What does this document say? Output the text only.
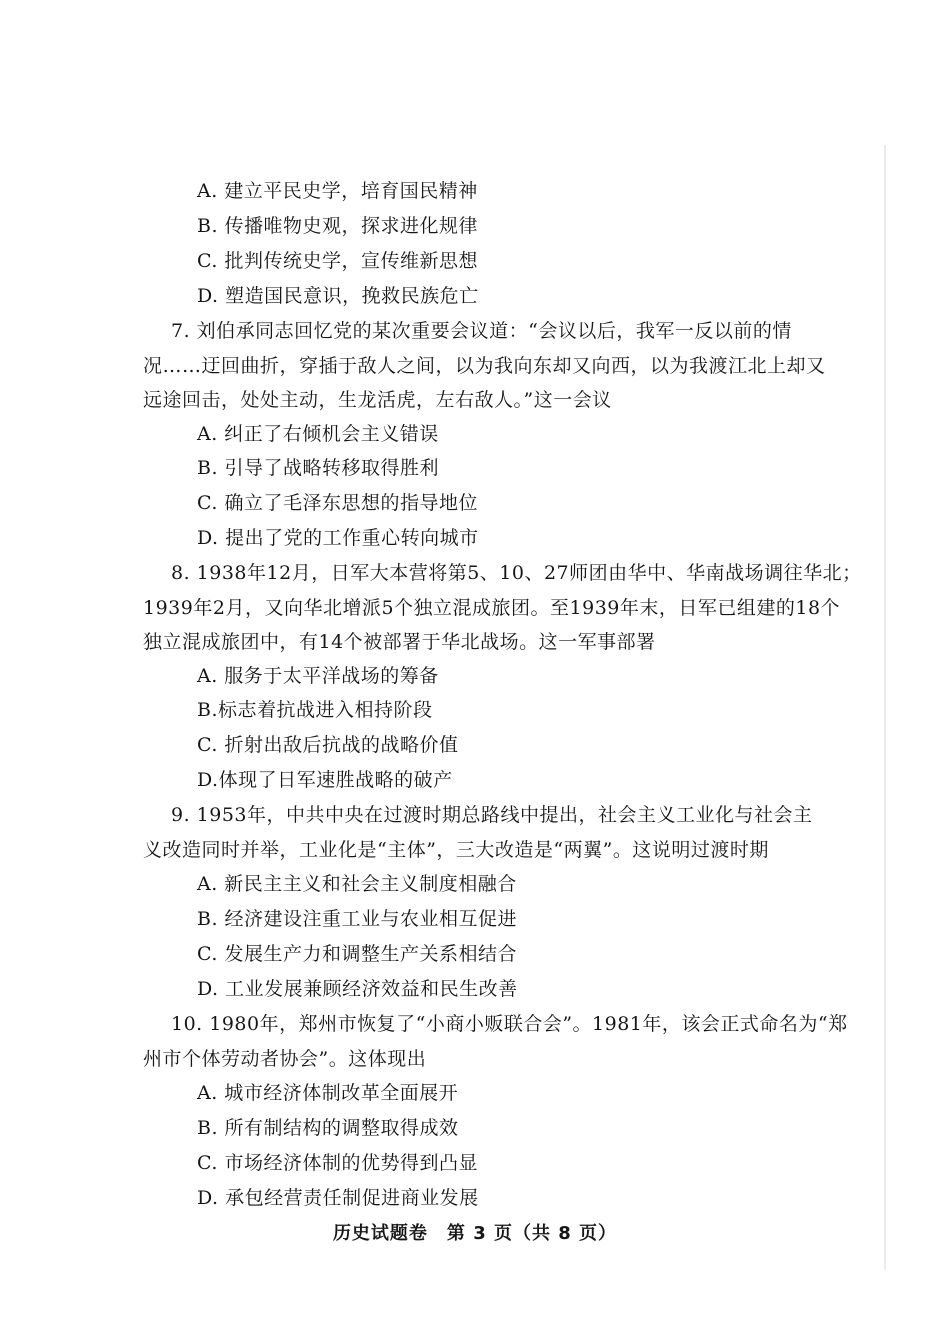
A. 建立平民史学，培育国民精神
B. 传播唯物史观，探求进化规律
C. 批判传统史学，宣传维新思想
D. 塑造国民意识，挽救民族危亡
7. 刘伯承同志回忆党的某次重要会议道：“会议以后，我军一反以前的情
况……迂回曲折，穿插于敌人之间，以为我向东却又向西，以为我渡江北上却又
远途回击，处处主动，生龙活虎，左右敌人。”这一会议
A. 纠正了右倾机会主义错误
B. 引导了战略转移取得胜利
C. 确立了毛泽东思想的指导地位
D. 提出了党的工作重心转向城市
8. 1938年12月，日军大本营将第5、10、27师团由华中、华南战场调往华北；
1939年2月，又向华北增派5个独立混成旅团。至1939年末，日军已组建的18个
独立混成旅团中，有14个被部署于华北战场。这一军事部署
A. 服务于太平洋战场的筹备
B.标志着抗战进入相持阶段
C. 折射出敌后抗战的战略价值
D.体现了日军速胜战略的破产
9. 1953年，中共中央在过渡时期总路线中提出，社会主义工业化与社会主
义改造同时并举，工业化是“主体”，三大改造是“两翼”。这说明过渡时期
A. 新民主主义和社会主义制度相融合
B. 经济建设注重工业与农业相互促进
C. 发展生产力和调整生产关系相结合
D. 工业发展兼顾经济效益和民生改善
10. 1980年，郑州市恢复了“小商小贩联合会”。1981年，该会正式命名为“郑
州市个体劳动者协会”。这体现出
A. 城市经济体制改革全面展开
B. 所有制结构的调整取得成效
C. 市场经济体制的优势得到凸显
D. 承包经营责任制促进商业发展
历史试题卷　第 3 页（共 8 页）
